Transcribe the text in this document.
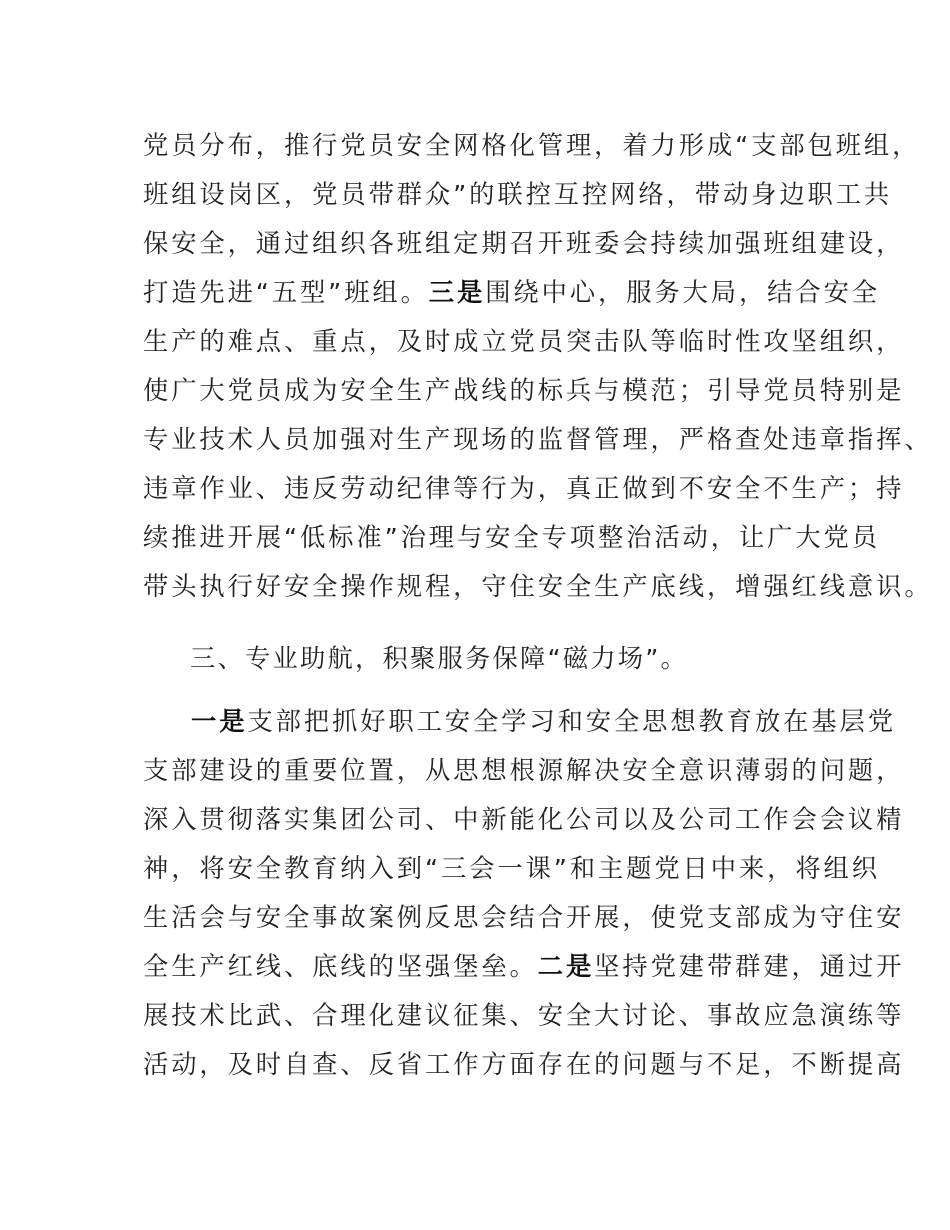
党员分布，推行党员安全网格化管理，着力形成“支部包班组，
班组设岗区，党员带群众”的联控互控网络，带动身边职工共
保安全，通过组织各班组定期召开班委会持续加强班组建设，
打造先进“五型”班组。三是围绕中心，服务大局，结合安全
生产的难点、重点，及时成立党员突击队等临时性攻坚组织，
使广大党员成为安全生产战线的标兵与模范；引导党员特别是
专业技术人员加强对生产现场的监督管理，严格查处违章指挥、
违章作业、违反劳动纪律等行为，真正做到不安全不生产；持
续推进开展“低标准”治理与安全专项整治活动，让广大党员
带头执行好安全操作规程，守住安全生产底线，增强红线意识。
三、专业助航，积聚服务保障“磁力场”。
一是支部把抓好职工安全学习和安全思想教育放在基层党
支部建设的重要位置，从思想根源解决安全意识薄弱的问题，
深入贯彻落实集团公司、中新能化公司以及公司工作会会议精
神，将安全教育纳入到“三会一课”和主题党日中来，将组织
生活会与安全事故案例反思会结合开展，使党支部成为守住安
全生产红线、底线的坚强堡垒。二是坚持党建带群建，通过开
展技术比武、合理化建议征集、安全大讨论、事故应急演练等
活动，及时自查、反省工作方面存在的问题与不足，不断提高
